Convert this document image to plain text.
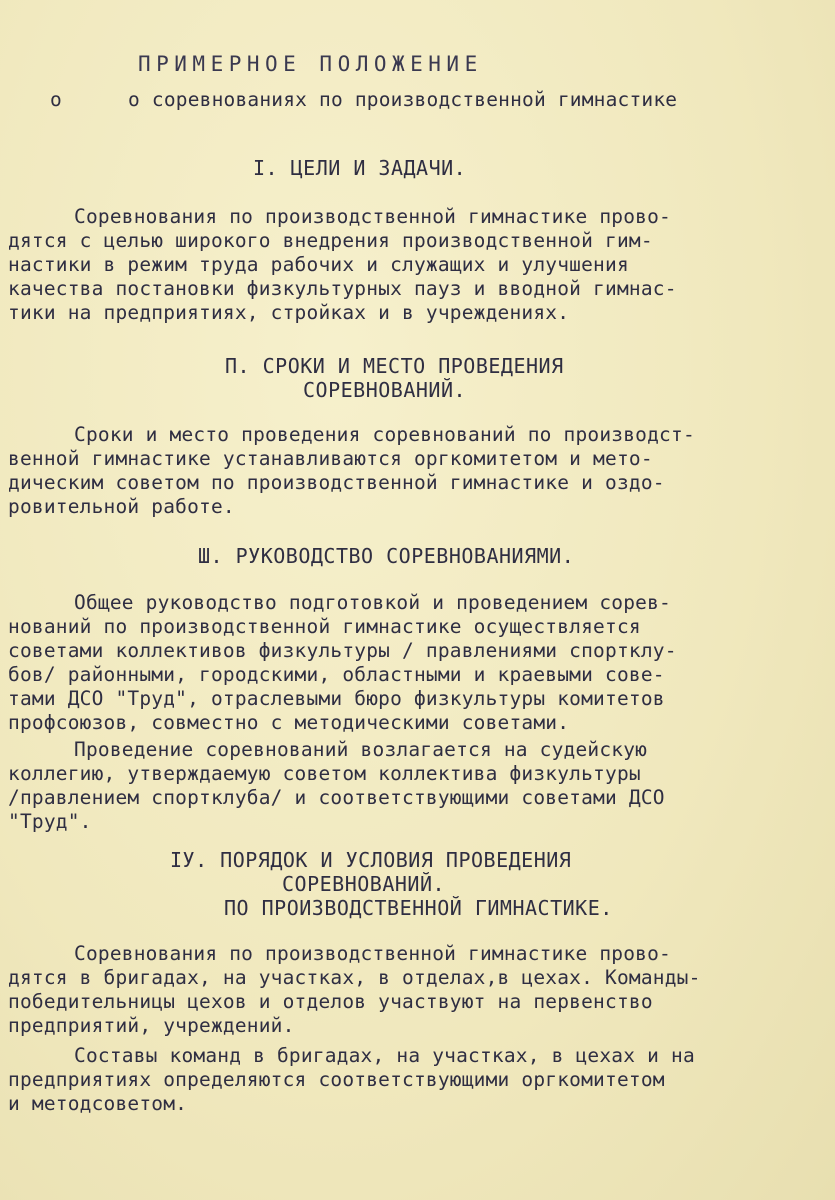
ПРИМЕРНОЕ ПОЛОЖЕНИЕ
о	о соревнованиях по производственной гимнастике
I. ЦЕЛИ И ЗАДАЧИ.
Соревнования по производственной гимнастике прово-
дятся с целью широкого внедрения производственной гим-
настики в режим труда рабочих и служащих и улучшения
качества постановки физкультурных пауз и вводной гимнас-
тики на предприятиях, стройках и в учреждениях.
П. СРОКИ И МЕСТО ПРОВЕДЕНИЯ
СОРЕВНОВАНИЙ.
Сроки и место проведения соревнований по производст-
венной гимнастике устанавливаются оргкомитетом и мето-
дическим советом по производственной гимнастике и оздо-
ровительной работе.
Ш. РУКОВОДСТВО СОРЕВНОВАНИЯМИ.
Общее руководство подготовкой и проведением сорев-
нований по производственной гимнастике осуществляется
советами коллективов физкультуры / правлениями спортклу-
бов/ районными, городскими, областными и краевыми сове-
тами ДСО "Труд", отраслевыми бюро физкультуры комитетов
профсоюзов, совместно с методическими советами.
Проведение соревнований возлагается на судейскую
коллегию, утверждаемую советом коллектива физкультуры
/правлением спортклуба/ и соответствующими советами ДСО
"Труд".
IУ. ПОРЯДОК И УСЛОВИЯ ПРОВЕДЕНИЯ
СОРЕВНОВАНИЙ.
ПО ПРОИЗВОДСТВЕННОЙ ГИМНАСТИКЕ.
Соревнования по производственной гимнастике прово-
дятся в бригадах, на участках, в отделах,в цехах. Команды-
победительницы цехов и отделов участвуют на первенство
предприятий, учреждений.
Составы команд в бригадах, на участках, в цехах и на
предприятиях определяются соответствующими оргкомитетом
и методсоветом.
